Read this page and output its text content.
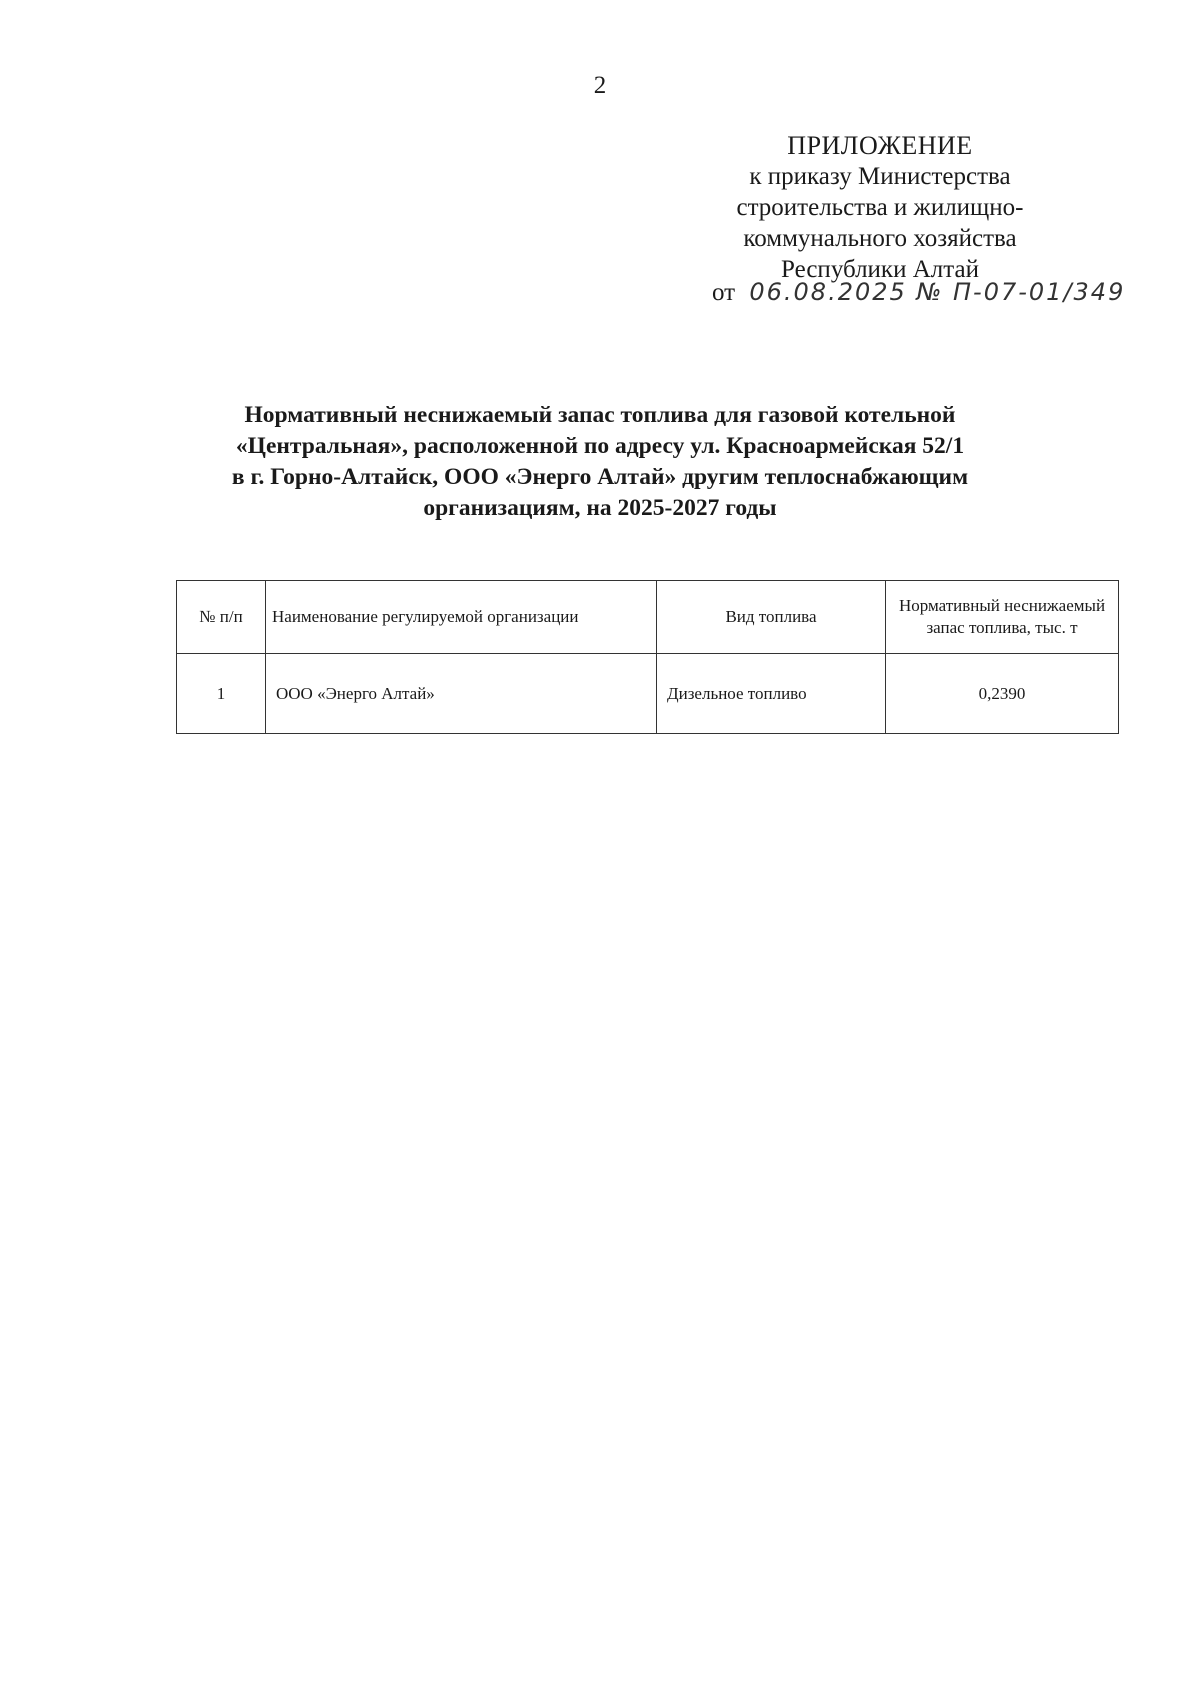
2
ПРИЛОЖЕНИЕ
к приказу Министерства
строительства и жилищно-
коммунального хозяйства
Республики Алтай
от 06.08.2025 № П-07-01/349
Нормативный неснижаемый запас топлива для газовой котельной
«Центральная», расположенной по адресу ул. Красноармейская 52/1
в г. Горно-Алтайск, ООО «Энерго Алтай» другим теплоснабжающим
организациям, на 2025-2027 годы
№ п/п	Наименование регулируемой организации	Вид топлива	Нормативный неснижаемый запас топлива, тыс. т
1	ООО «Энерго Алтай»	Дизельное топливо	0,2390
